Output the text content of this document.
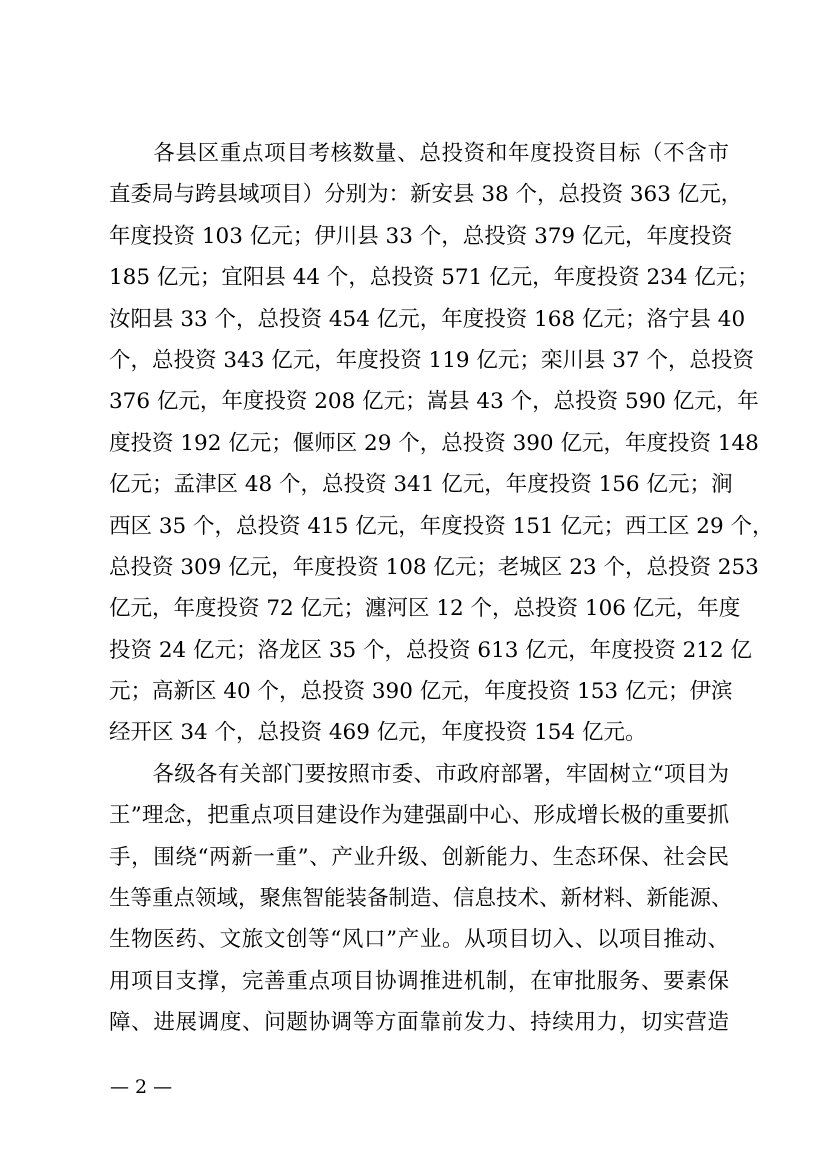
　　各县区重点项目考核数量、总投资和年度投资目标（不含市
直委局与跨县域项目）分别为：新安县 38 个，总投资 363 亿元，
年度投资 103 亿元；伊川县 33 个，总投资 379 亿元，年度投资
185 亿元；宜阳县 44 个，总投资 571 亿元，年度投资 234 亿元；
汝阳县 33 个，总投资 454 亿元，年度投资 168 亿元；洛宁县 40
个，总投资 343 亿元，年度投资 119 亿元；栾川县 37 个，总投资
376 亿元，年度投资 208 亿元；嵩县 43 个，总投资 590 亿元，年
度投资 192 亿元；偃师区 29 个，总投资 390 亿元，年度投资 148
亿元；孟津区 48 个，总投资 341 亿元，年度投资 156 亿元；涧
西区 35 个，总投资 415 亿元，年度投资 151 亿元；西工区 29 个，
总投资 309 亿元，年度投资 108 亿元；老城区 23 个，总投资 253
亿元，年度投资 72 亿元；瀍河区 12 个，总投资 106 亿元，年度
投资 24 亿元；洛龙区 35 个，总投资 613 亿元，年度投资 212 亿
元；高新区 40 个，总投资 390 亿元，年度投资 153 亿元；伊滨
经开区 34 个，总投资 469 亿元，年度投资 154 亿元。
　　各级各有关部门要按照市委、市政府部署，牢固树立“项目为
王”理念，把重点项目建设作为建强副中心、形成增长极的重要抓
手，围绕“两新一重”、产业升级、创新能力、生态环保、社会民
生等重点领域，聚焦智能装备制造、信息技术、新材料、新能源、
生物医药、文旅文创等“风口”产业。从项目切入、以项目推动、
用项目支撑，完善重点项目协调推进机制，在审批服务、要素保
障、进展调度、问题协调等方面靠前发力、持续用力，切实营造
— 2 —
